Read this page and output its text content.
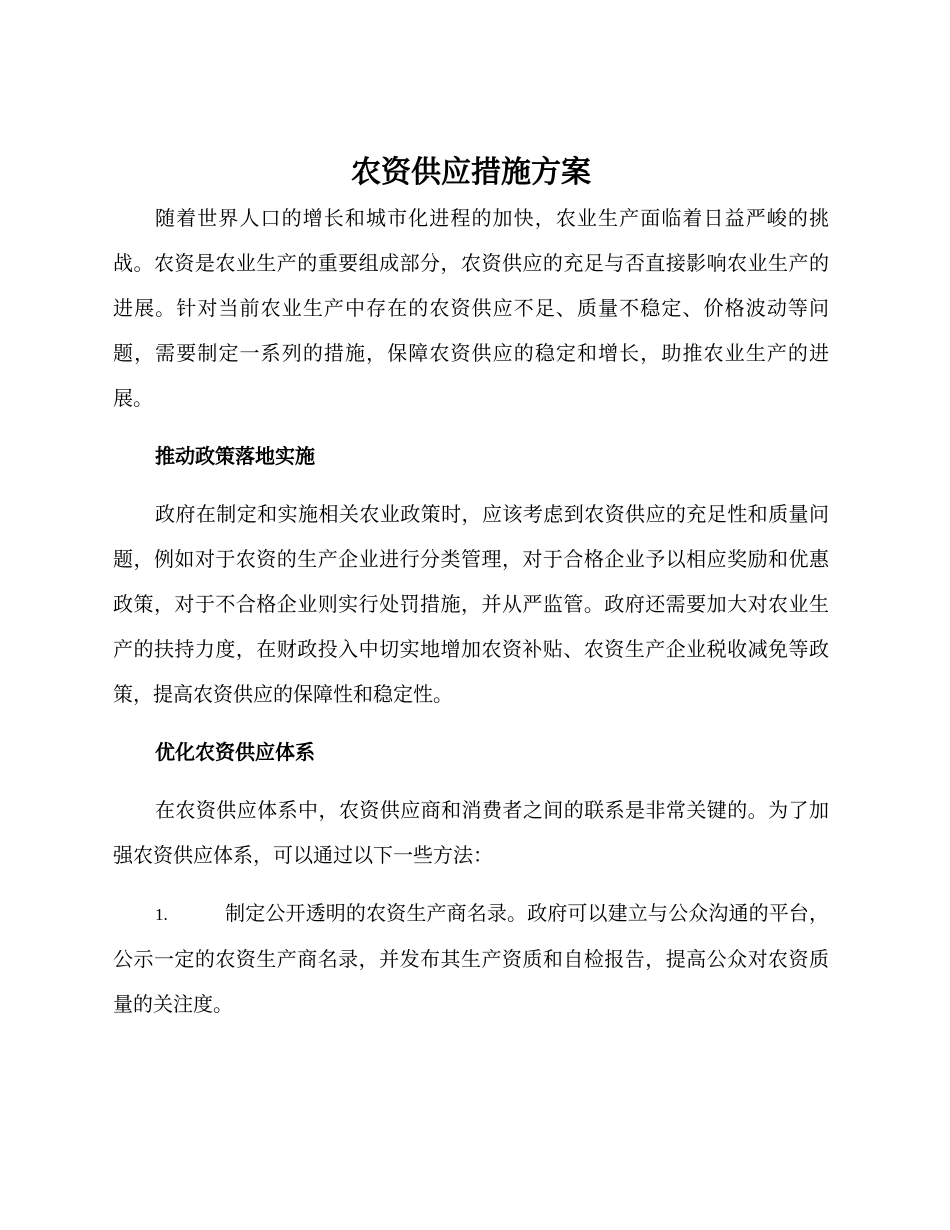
农资供应措施方案

随着世界人口的增长和城市化进程的加快，农业生产面临着日益严峻的挑战。农资是农业生产的重要组成部分，农资供应的充足与否直接影响农业生产的进展。针对当前农业生产中存在的农资供应不足、质量不稳定、价格波动等问题，需要制定一系列的措施，保障农资供应的稳定和增长，助推农业生产的进展。

推动政策落地实施

政府在制定和实施相关农业政策时，应该考虑到农资供应的充足性和质量问题，例如对于农资的生产企业进行分类管理，对于合格企业予以相应奖励和优惠政策，对于不合格企业则实行处罚措施，并从严监管。政府还需要加大对农业生产的扶持力度，在财政投入中切实地增加农资补贴、农资生产企业税收减免等政策，提高农资供应的保障性和稳定性。

优化农资供应体系

在农资供应体系中，农资供应商和消费者之间的联系是非常关键的。为了加强农资供应体系，可以通过以下一些方法：

1.	制定公开透明的农资生产商名录。政府可以建立与公众沟通的平台，公示一定的农资生产商名录，并发布其生产资质和自检报告，提高公众对农资质量的关注度。
